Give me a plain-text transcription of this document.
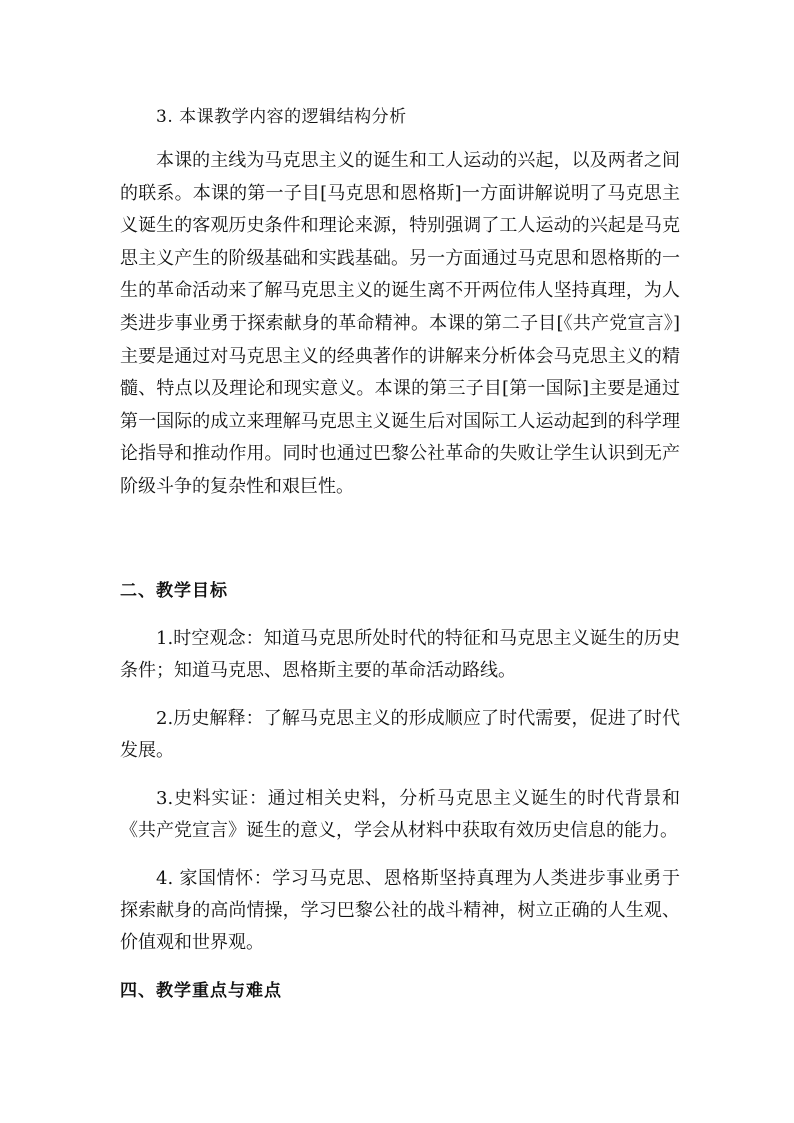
3. 本课教学内容的逻辑结构分析

本课的主线为马克思主义的诞生和工人运动的兴起，以及两者之间的联系。本课的第一子目[马克思和恩格斯]一方面讲解说明了马克思主义诞生的客观历史条件和理论来源，特别强调了工人运动的兴起是马克思主义产生的阶级基础和实践基础。另一方面通过马克思和恩格斯的一生的革命活动来了解马克思主义的诞生离不开两位伟人坚持真理，为人类进步事业勇于探索献身的革命精神。本课的第二子目[《共产党宣言》]主要是通过对马克思主义的经典著作的讲解来分析体会马克思主义的精髓、特点以及理论和现实意义。本课的第三子目[第一国际]主要是通过第一国际的成立来理解马克思主义诞生后对国际工人运动起到的科学理论指导和推动作用。同时也通过巴黎公社革命的失败让学生认识到无产阶级斗争的复杂性和艰巨性。

二、教学目标

1.时空观念：知道马克思所处时代的特征和马克思主义诞生的历史条件；知道马克思、恩格斯主要的革命活动路线。

2.历史解释：了解马克思主义的形成顺应了时代需要，促进了时代发展。

3.史料实证：通过相关史料，分析马克思主义诞生的时代背景和《共产党宣言》诞生的意义，学会从材料中获取有效历史信息的能力。

4. 家国情怀：学习马克思、恩格斯坚持真理为人类进步事业勇于探索献身的高尚情操，学习巴黎公社的战斗精神，树立正确的人生观、价值观和世界观。

四、教学重点与难点
